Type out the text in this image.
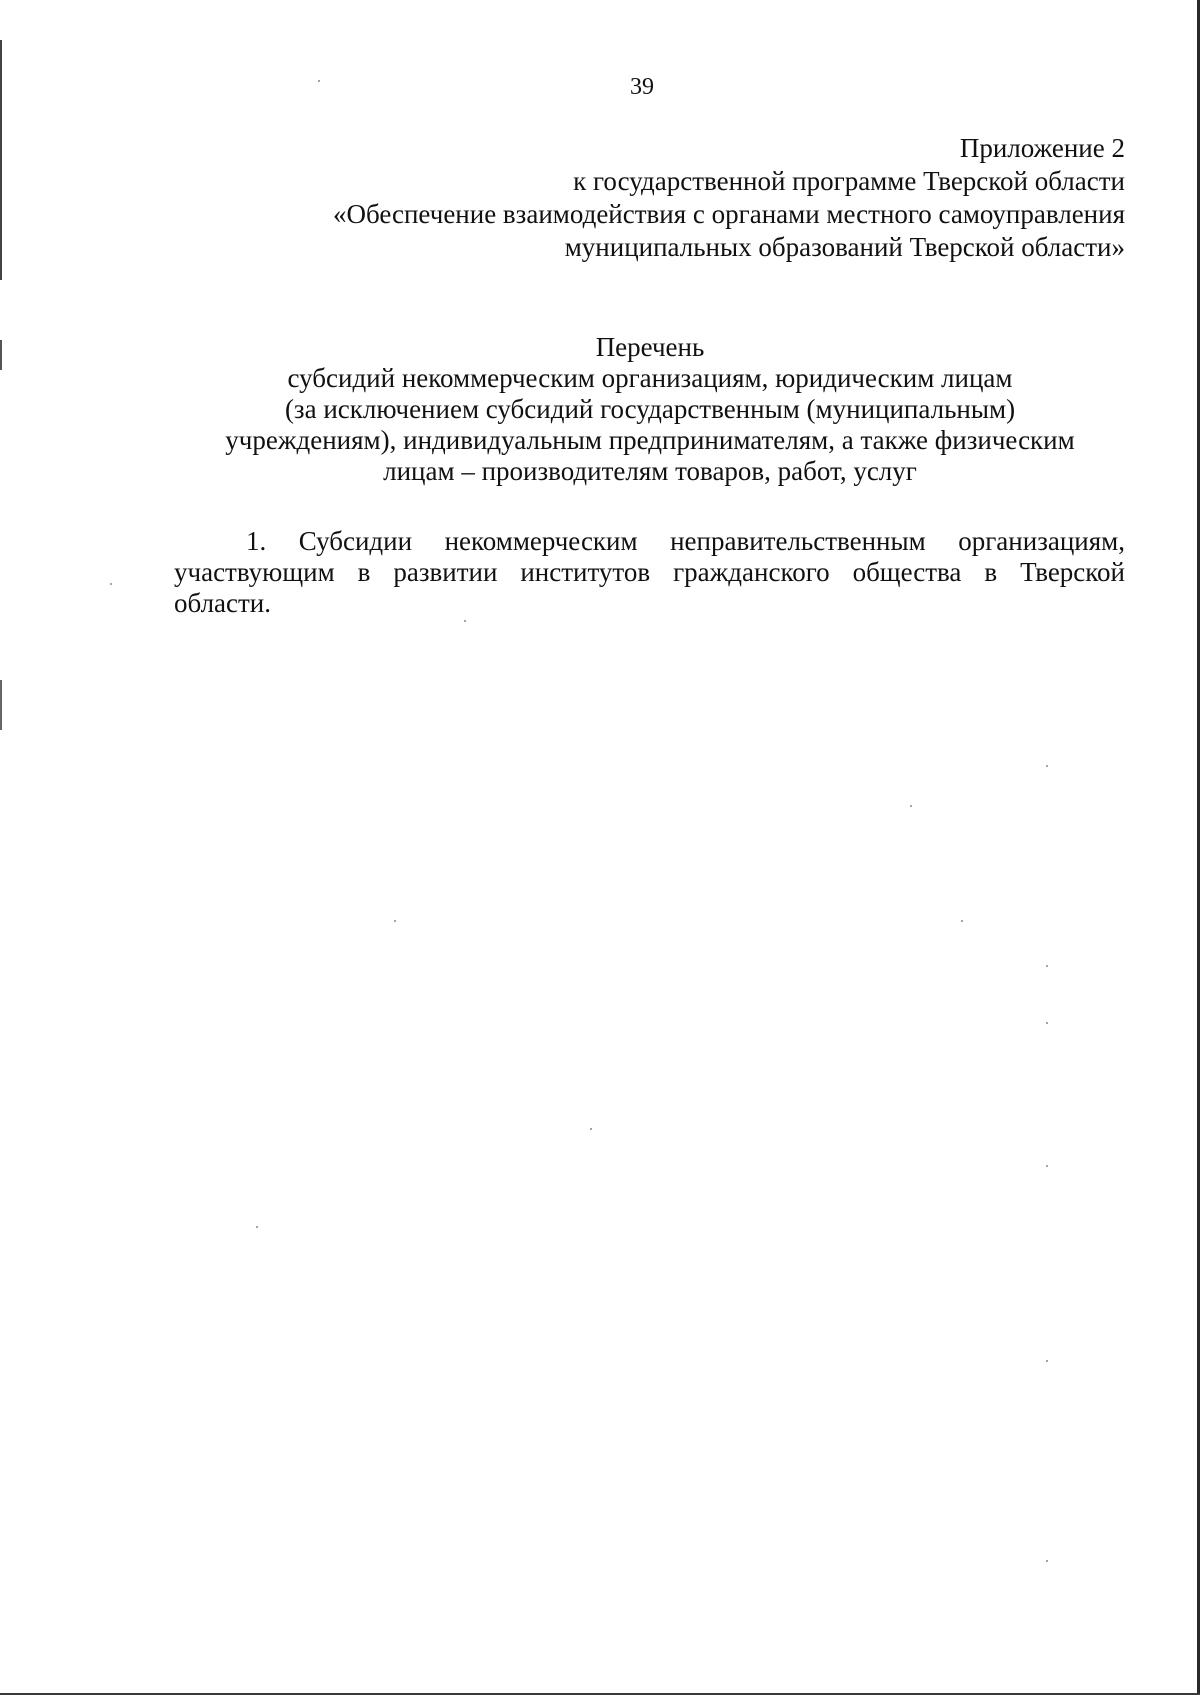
39
Приложение 2
к государственной программе Тверской области
«Обеспечение взаимодействия с органами местного самоуправления
муниципальных образований Тверской области»
Перечень
субсидий некоммерческим организациям, юридическим лицам
(за исключением субсидий государственным (муниципальным)
учреждениям), индивидуальным предпринимателям, а также физическим
лицам – производителям товаров, работ, услуг
1. Субсидии некоммерческим неправительственным организациям,
участвующим в развитии институтов гражданского общества в Тверской
области.
